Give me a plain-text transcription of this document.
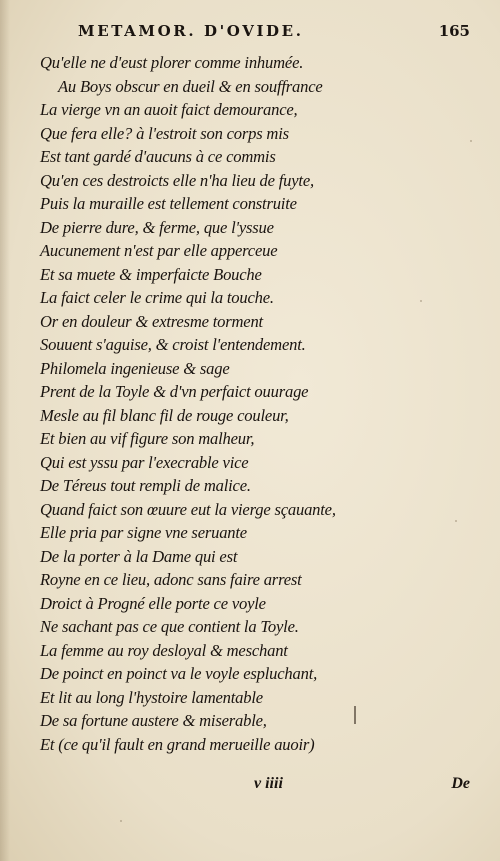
METAMOR. D'OVIDE.	165
Qu'elle ne d'eust plorer comme inhumée.
Au Boys obscur en dueil & en souffrance
La vierge vn an auoit faict demourance,
Que fera elle? à l'estroit son corps mis
Est tant gardé d'aucuns à ce commis
Qu'en ces destroicts elle n'ha lieu de fuyte,
Puis la muraille est tellement construite
De pierre dure, & ferme, que l'yssue
Aucunement n'est par elle apperceue
Et sa muete & imperfaicte Bouche
La faict celer le crime qui la touche.
Or en douleur & extresme torment
Souuent s'aguise, & croist l'entendement.
Philomela ingenieuse & sage
Prent de la Toyle & d'vn perfaict ouurage
Mesle au fil blanc fil de rouge couleur,
Et bien au vif figure son malheur,
Qui est yssu par l'execrable vice
De Téreus tout rempli de malice.
Quand faict son œuure eut la vierge sçauante,
Elle pria par signe vne seruante
De la porter à la Dame qui est
Royne en ce lieu, adonc sans faire arrest
Droict à Progné elle porte ce voyle
Ne sachant pas ce que contient la Toyle.
La femme au roy desloyal & meschant
De poinct en poinct va le voyle espluchant,
Et lit au long l'hystoire lamentable
De sa fortune austere & miserable,
Et (ce qu'il fault en grand merueille auoir)
v iiii	De
